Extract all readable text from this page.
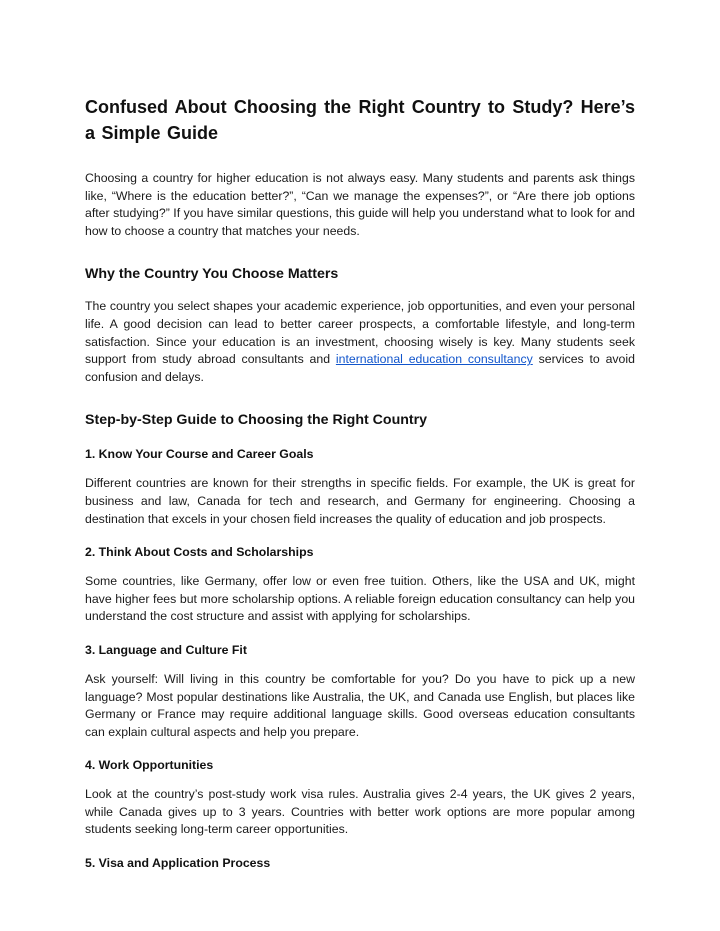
Confused About Choosing the Right Country to Study? Here’s a Simple Guide

Choosing a country for higher education is not always easy. Many students and parents ask things like, “Where is the education better?”, “Can we manage the expenses?”, or “Are there job options after studying?” If you have similar questions, this guide will help you understand what to look for and how to choose a country that matches your needs.

Why the Country You Choose Matters

The country you select shapes your academic experience, job opportunities, and even your personal life. A good decision can lead to better career prospects, a comfortable lifestyle, and long-term satisfaction. Since your education is an investment, choosing wisely is key. Many students seek support from study abroad consultants and international education consultancy services to avoid confusion and delays.

Step-by-Step Guide to Choosing the Right Country
1. Know Your Course and Career Goals

Different countries are known for their strengths in specific fields. For example, the UK is great for business and law, Canada for tech and research, and Germany for engineering. Choosing a destination that excels in your chosen field increases the quality of education and job prospects.

2. Think About Costs and Scholarships

Some countries, like Germany, offer low or even free tuition. Others, like the USA and UK, might have higher fees but more scholarship options. A reliable foreign education consultancy can help you understand the cost structure and assist with applying for scholarships.

3. Language and Culture Fit

Ask yourself: Will living in this country be comfortable for you? Do you have to pick up a new language? Most popular destinations like Australia, the UK, and Canada use English, but places like Germany or France may require additional language skills. Good overseas education consultants can explain cultural aspects and help you prepare.

4. Work Opportunities

Look at the country’s post-study work visa rules. Australia gives 2-4 years, the UK gives 2 years, while Canada gives up to 3 years. Countries with better work options are more popular among students seeking long-term career opportunities.

5. Visa and Application Process
